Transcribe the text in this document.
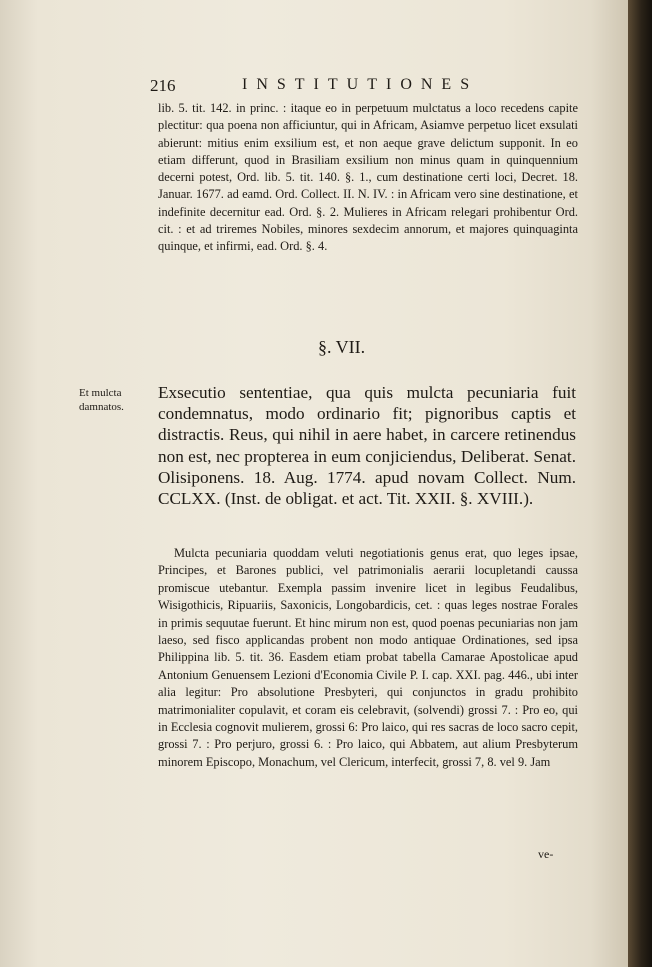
216	INSTITUTIONES

lib. 5. tit. 142. in princ. : itaque eo in perpetuum mulctatus a loco recedens capite plectitur: qua poena non afficiuntur, qui in Africam, Asiamve perpetuo licet exsulati abierunt: mitius enim exsilium est, et non aeque grave delictum supponit. In eo etiam differunt, quod in Brasiliam exsilium non minus quam in quinquennium decerni potest, Ord. lib. 5. tit. 140. §. 1., cum destinatione certi loci, Decret. 18. Januar. 1677. ad eamd. Ord. Collect. II. N. IV. : in Africam vero sine destinatione, et indefinite decernitur ead. Ord. §. 2. Mulieres in Africam relegari prohibentur Ord. cit. : et ad triremes Nobiles, minores sexdecim annorum, et majores quinquaginta quinque, et infirmi, ead. Ord. §. 4.

§. VII.
Et mulcta damnatos.

Exsecutio sententiae, qua quis mulcta pecuniaria fuit condemnatus, modo ordinario fit; pignoribus captis et distractis. Reus, qui nihil in aere habet, in carcere retinendus non est, nec propterea in eum conjiciendus, Deliberat. Senat. Olisiponens. 18. Aug. 1774. apud novam Collect. Num. CCLXX. (Inst. de obligat. et act. Tit. XXII. §. XVIII.).

Mulcta pecuniaria quoddam veluti negotiationis genus erat, quo leges ipsae, Principes, et Barones publici, vel patrimonialis aerarii locupletandi caussa promiscue utebantur. Exempla passim invenire licet in legibus Feudalibus, Wisigothicis, Ripuariis, Saxonicis, Longobardicis, cet. : quas leges nostrae Forales in primis sequutae fuerunt. Et hinc mirum non est, quod poenas pecuniarias non jam laeso, sed fisco applicandas probent non modo antiquae Ordinationes, sed ipsa Philippina lib. 5. tit. 36. Easdem etiam probat tabella Camarae Apostolicae apud Antonium Genuensem Lezioni d'Economia Civile P. I. cap. XXI. pag. 446., ubi inter alia legitur: Pro absolutione Presbyteri, qui conjunctos in gradu prohibito matrimonialiter copulavit, et coram eis celebravit, (solvendi) grossi 7. : Pro eo, qui in Ecclesia cognovit mulierem, grossi 6: Pro laico, qui res sacras de loco sacro cepit, grossi 7. : Pro perjuro, grossi 6. : Pro laico, qui Abbatem, aut alium Presbyterum minorem Episcopo, Monachum, vel Clericum, interfecit, grossi 7, 8. vel 9. Jam

ve-
